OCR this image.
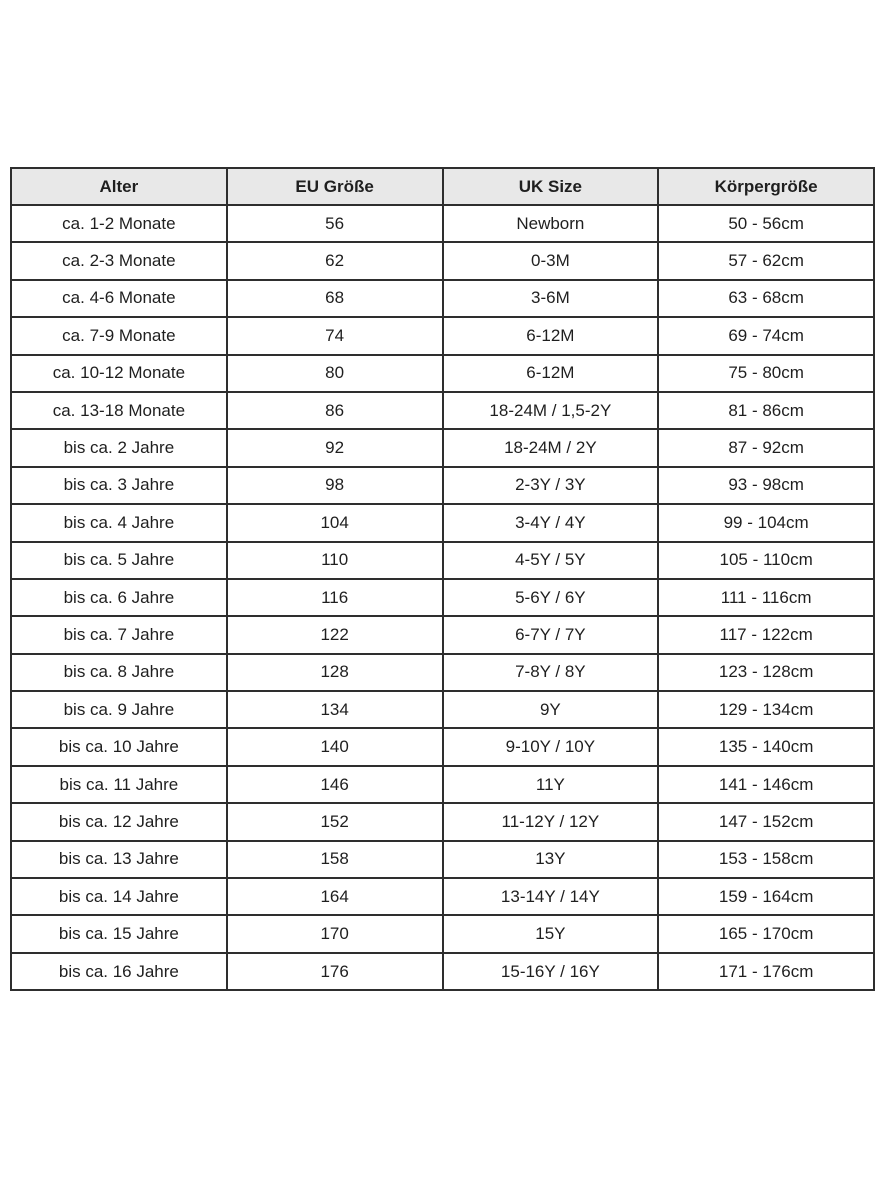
Alter	EU Größe	UK Size	Körpergröße
ca. 1-2 Monate	56	Newborn	50 - 56cm
ca. 2-3 Monate	62	0-3M	57 - 62cm
ca. 4-6 Monate	68	3-6M	63 - 68cm
ca. 7-9 Monate	74	6-12M	69 - 74cm
ca. 10-12 Monate	80	6-12M	75 - 80cm
ca. 13-18 Monate	86	18-24M / 1,5-2Y	81 - 86cm
bis ca. 2 Jahre	92	18-24M / 2Y	87 - 92cm
bis ca. 3 Jahre	98	2-3Y / 3Y	93 - 98cm
bis ca. 4 Jahre	104	3-4Y / 4Y	99 - 104cm
bis ca. 5 Jahre	110	4-5Y / 5Y	105 - 110cm
bis ca. 6 Jahre	116	5-6Y / 6Y	111 - 116cm
bis ca. 7 Jahre	122	6-7Y / 7Y	117 - 122cm
bis ca. 8 Jahre	128	7-8Y / 8Y	123 - 128cm
bis ca. 9 Jahre	134	9Y	129 - 134cm
bis ca. 10 Jahre	140	9-10Y / 10Y	135 - 140cm
bis ca. 11 Jahre	146	11Y	141 - 146cm
bis ca. 12 Jahre	152	11-12Y / 12Y	147 - 152cm
bis ca. 13 Jahre	158	13Y	153 - 158cm
bis ca. 14 Jahre	164	13-14Y / 14Y	159 - 164cm
bis ca. 15 Jahre	170	15Y	165 - 170cm
bis ca. 16 Jahre	176	15-16Y / 16Y	171 - 176cm
